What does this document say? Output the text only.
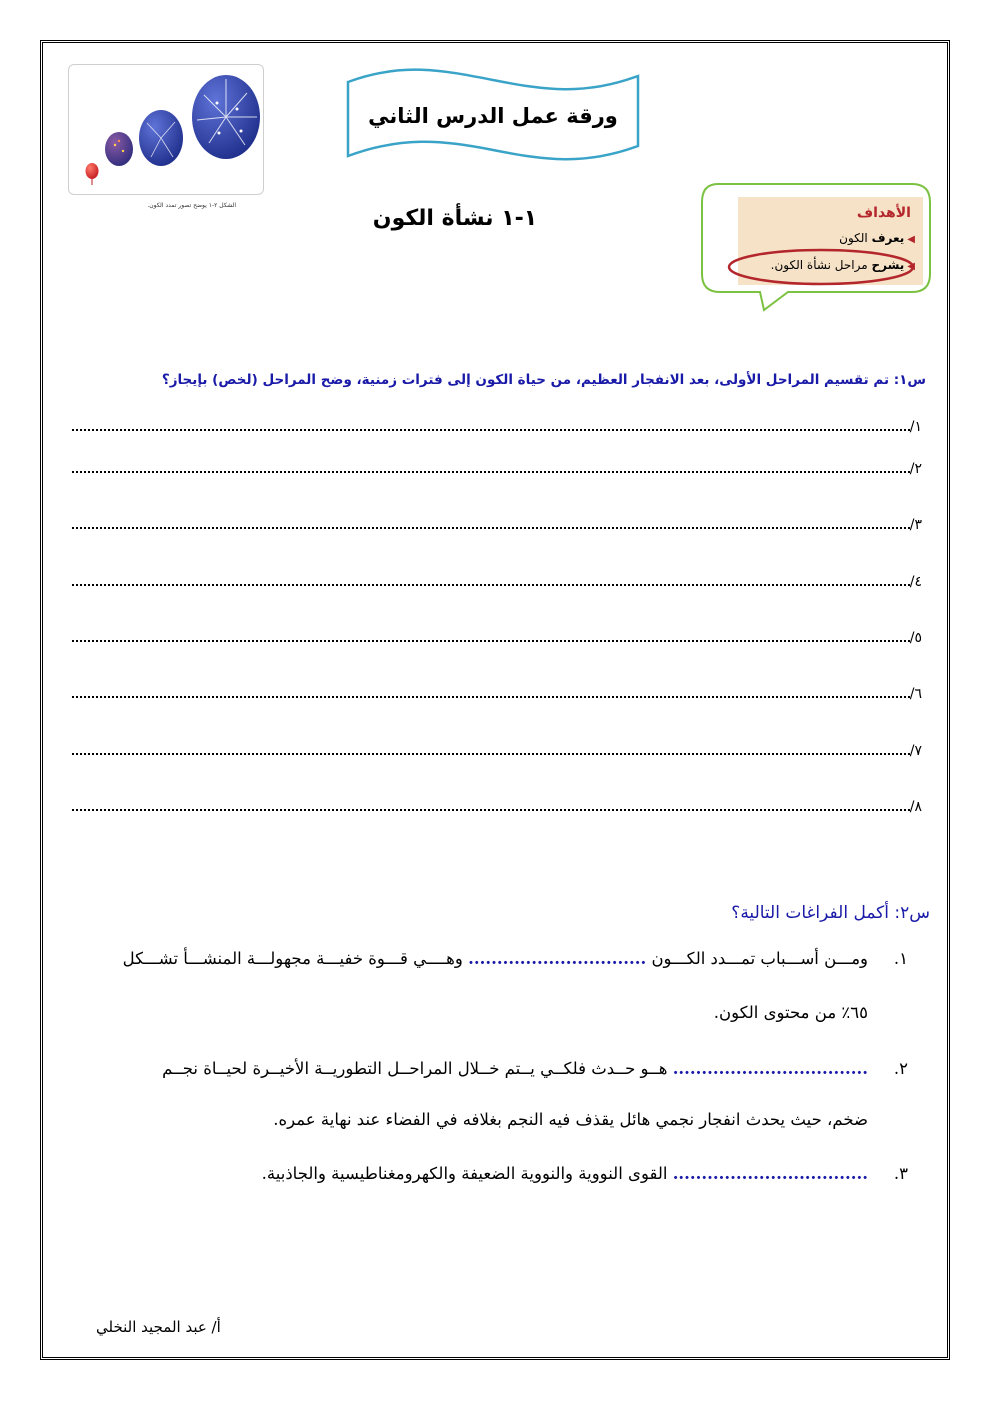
الشكل ٢-١ يوضح تصور تمدد الكون.
ورقة عمل الدرس الثاني
١-١ نشأة الكون	الأهداف
◀يعرف الكون
◀يشرح مراحل نشأة الكون.
س١: تم تقسيم المراحل الأولى، بعد الانفجار العظيم، من حياة الكون إلى فترات زمنية، وضح المراحل (لخص) بإيجاز؟
١/
٢/
٣/
٤/
٥/
٦/
٧/
٨/
س٢: أكمل الفراغات التالية؟
.١
ومـــن أســـباب تمـــدد الكـــون ............................... وهــــي قـــوة خفيـــة مجهولـــة المنشـــأ تشـــكل
٦٥٪ من محتوى الكون.
.٢
.................................. هــو حــدث فلكــي يــتم خــلال المراحــل التطوريــة الأخيــرة لحيــاة نجــم
ضخم، حيث يحدث انفجار نجمي هائل يقذف فيه النجم بغلافه في الفضاء عند نهاية عمره.
.٣
.................................. القوى النووية والنووية الضعيفة والكهرومغناطيسية والجاذبية.
أ/ عبد المجيد النخلي
